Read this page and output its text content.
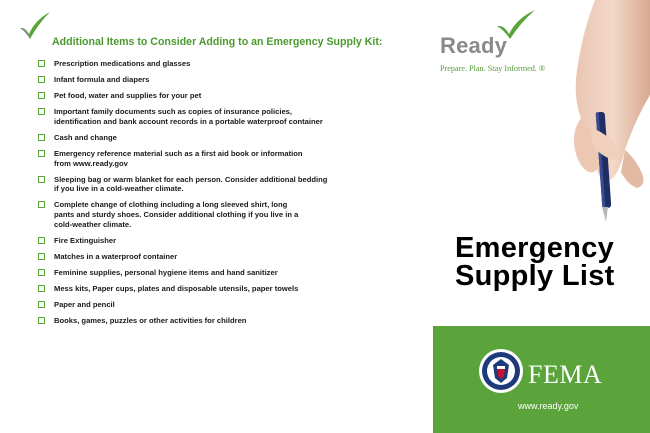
Additional Items to Consider Adding to an Emergency Supply Kit:
Prescription medications and glasses
Infant formula and diapers
Pet food, water and supplies for your pet
Important family documents such as copies of insurance policies,
identification and bank account records in a portable waterproof container
Cash and change
Emergency reference material such as a first aid book or information
from www.ready.gov
Sleeping bag or warm blanket for each person. Consider additional bedding
if you live in a cold-weather climate.
Complete change of clothing including a long sleeved shirt, long
pants and sturdy shoes. Consider additional clothing if you live in a
cold-weather climate.
Fire Extinguisher
Matches in a waterproof container
Feminine supplies, personal hygiene items and hand sanitizer
Mess kits, Paper cups, plates and disposable utensils, paper towels
Paper and pencil
Books, games, puzzles or other activities for children
Ready
Prepare. Plan. Stay Informed. ®
Emergency
Supply List
FEMA
www.ready.gov
